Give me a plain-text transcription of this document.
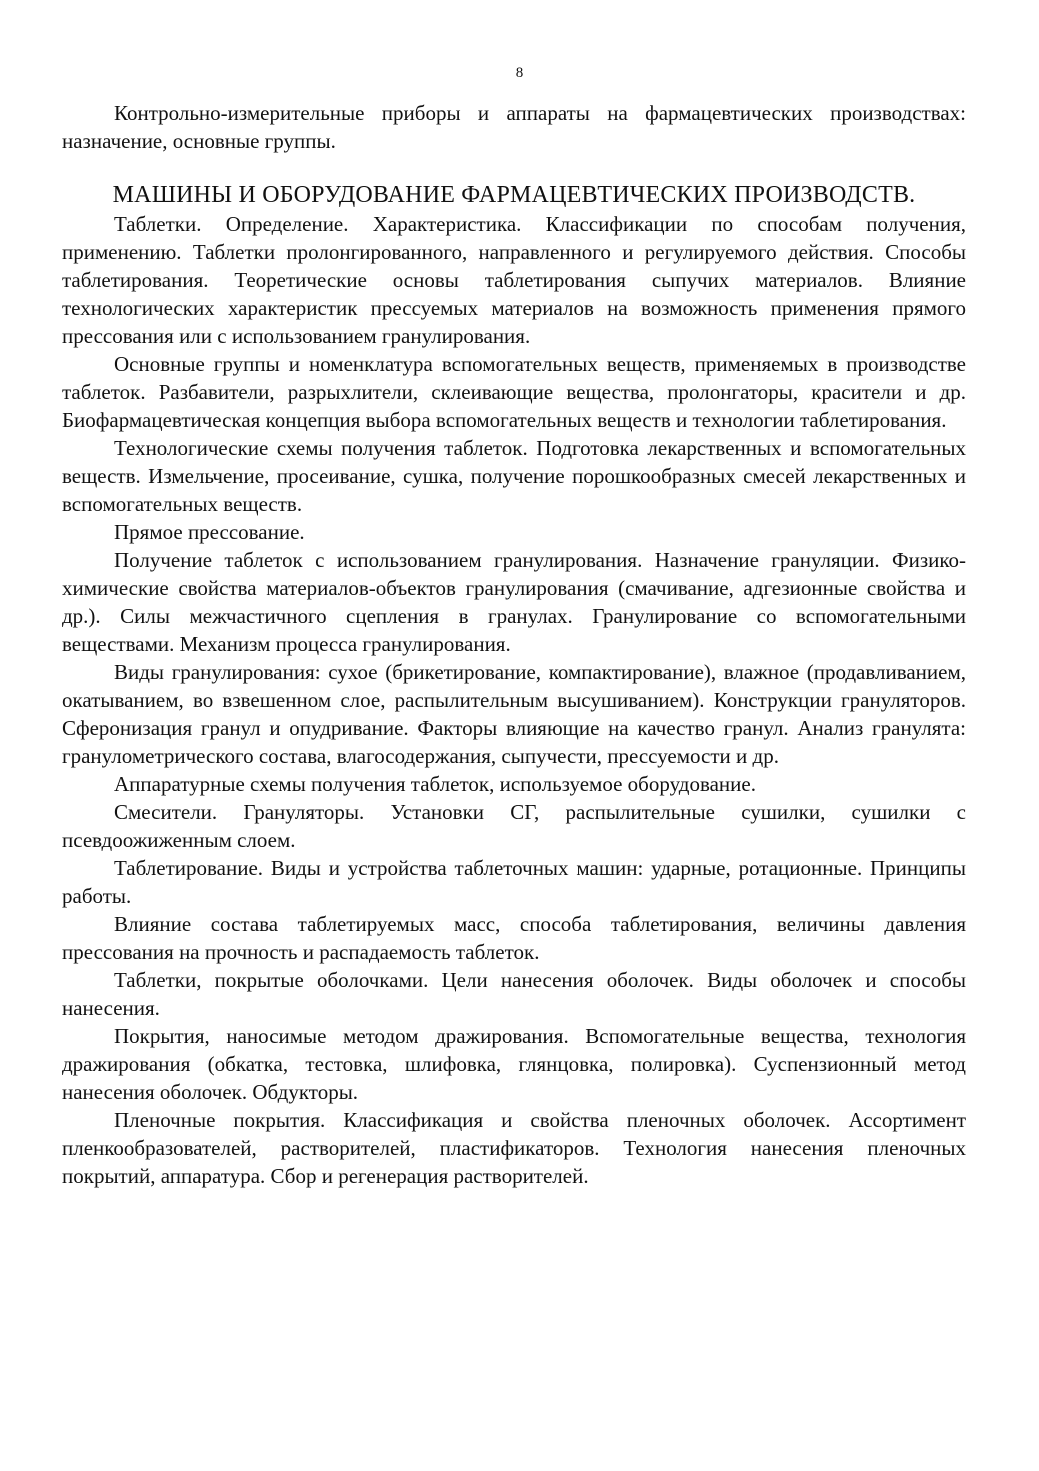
8

Контрольно-измерительные приборы и аппараты на фармацевтических производствах: назначение, основные группы.

МАШИНЫ И ОБОРУДОВАНИЕ ФАРМАЦЕВТИЧЕСКИХ ПРОИЗВОДСТВ.

Таблетки. Определение. Характеристика. Классификации по способам получения, применению. Таблетки пролонгированного, направленного и регулируемого действия. Способы таблетирования. Теоретические основы таблетирования сыпучих материалов. Влияние технологических характеристик прессуемых материалов на возможность применения прямого прессования или с использованием гранулирования.

Основные группы и номенклатура вспомогательных веществ, применяемых в производстве таблеток. Разбавители, разрыхлители, склеивающие вещества, пролонгаторы, красители и др. Биофармацевтическая концепция выбора вспомогательных веществ и технологии таблетирования.

Технологические схемы получения таблеток. Подготовка лекарственных и вспомогательных веществ. Измельчение, просеивание, сушка, получение порошкообразных смесей лекарственных и вспомогательных веществ.

Прямое прессование.

Получение таблеток с использованием гранулирования. Назначение грануляции. Физико-химические свойства материалов-объектов гранулирования (смачивание, адгезионные свойства и др.). Силы межчастичного сцепления в гранулах. Гранулирование со вспомогательными веществами. Механизм процесса гранулирования.

Виды гранулирования: сухое (брикетирование, компактирование), влажное (продавливанием, окатыванием, во взвешенном слое, распылительным высушиванием). Конструкции грануляторов. Сферонизация гранул и опудривание. Факторы влияющие на качество гранул. Анализ гранулята: гранулометрического состава, влагосодержания, сыпучести, прессуемости и др.

Аппаратурные схемы получения таблеток, используемое оборудование.

Смесители. Грануляторы. Установки СГ, распылительные сушилки, сушилки с псевдоожиженным слоем.

Таблетирование. Виды и устройства таблеточных машин: ударные, ротационные. Принципы работы.

Влияние состава таблетируемых масс, способа таблетирования, величины давления прессования на прочность и распадаемость таблеток.

Таблетки, покрытые оболочками. Цели нанесения оболочек. Виды оболочек и способы нанесения.

Покрытия, наносимые методом дражирования. Вспомогательные вещества, технология дражирования (обкатка, тестовка, шлифовка, глянцовка, полировка). Суспензионный метод нанесения оболочек. Обдукторы.

Пленочные покрытия. Классификация и свойства пленочных оболочек. Ассортимент пленкообразователей, растворителей, пластификаторов. Технология нанесения пленочных покрытий, аппаратура. Сбор и регенерация растворителей.
